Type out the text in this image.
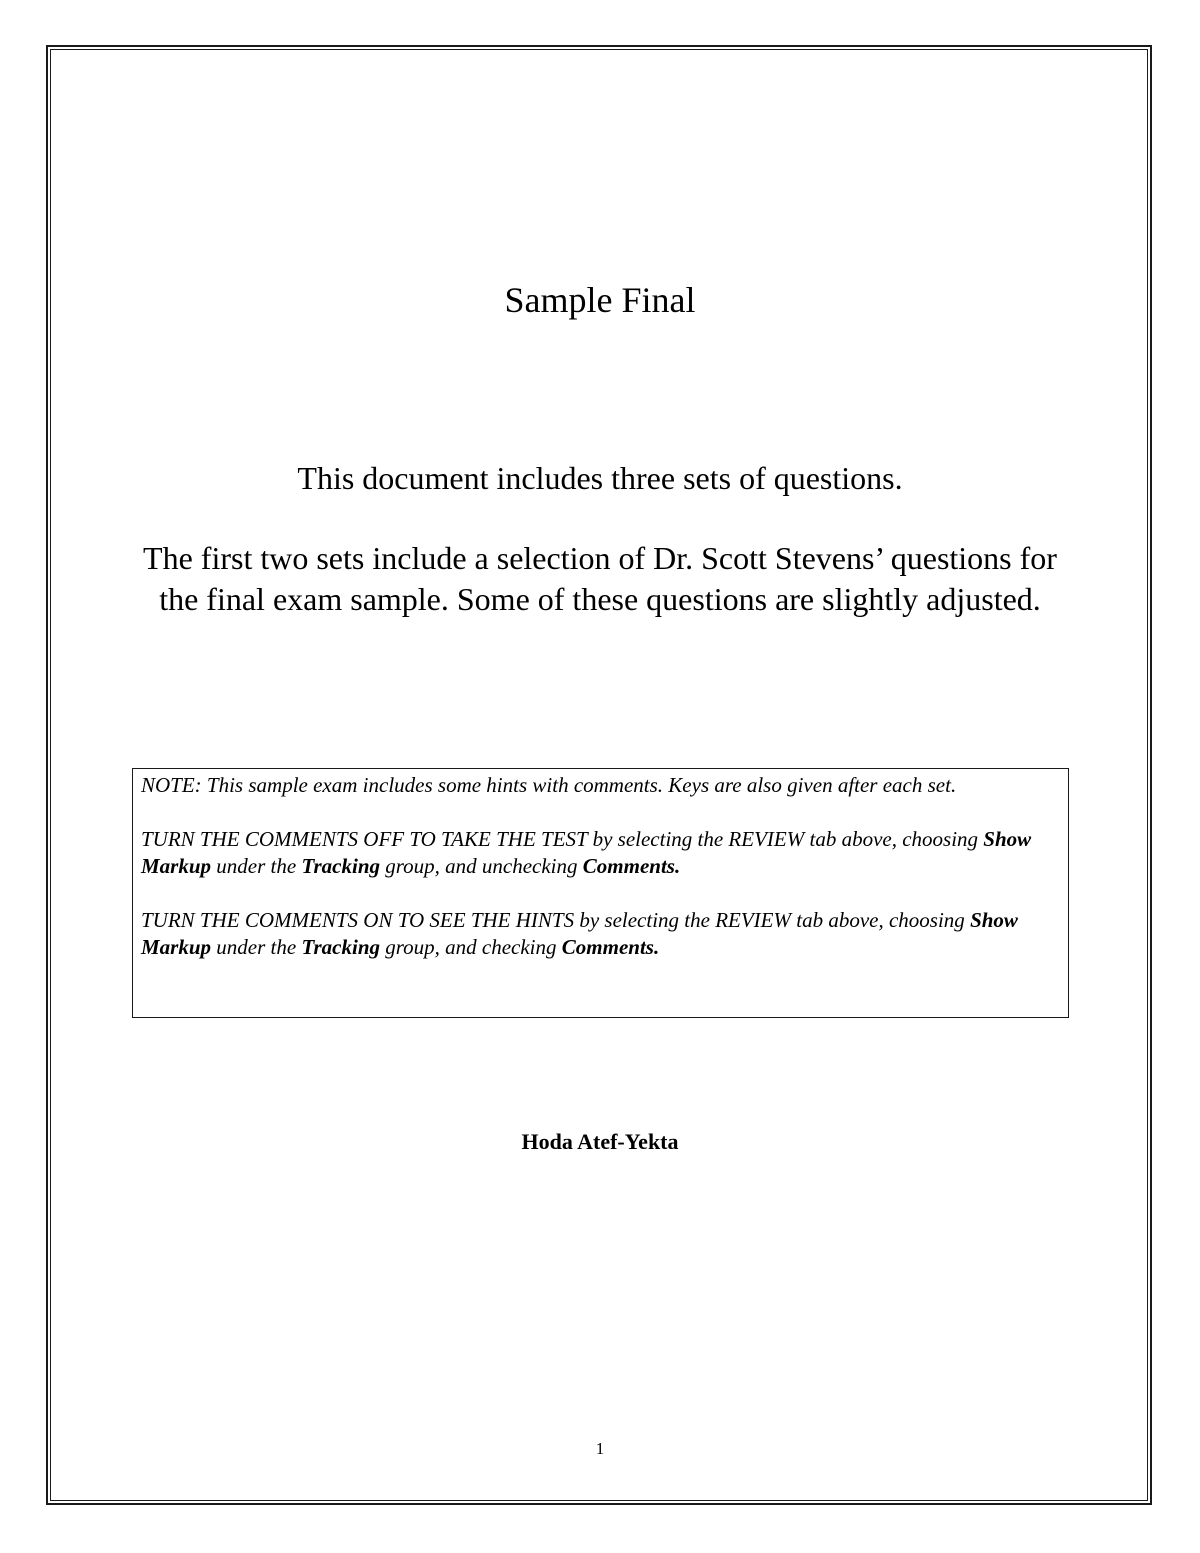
Sample Final
This document includes three sets of questions.
The first two sets include a selection of Dr. Scott Stevens’ questions for the final exam sample. Some of these questions are slightly adjusted.

NOTE: This sample exam includes some hints with comments. Keys are also given after each set.

TURN THE COMMENTS OFF TO TAKE THE TEST by selecting the REVIEW tab above, choosing Show Markup under the Tracking group, and unchecking Comments.

TURN THE COMMENTS ON TO SEE THE HINTS by selecting the REVIEW tab above, choosing Show Markup under the Tracking group, and checking Comments.

Hoda Atef-Yekta
1
